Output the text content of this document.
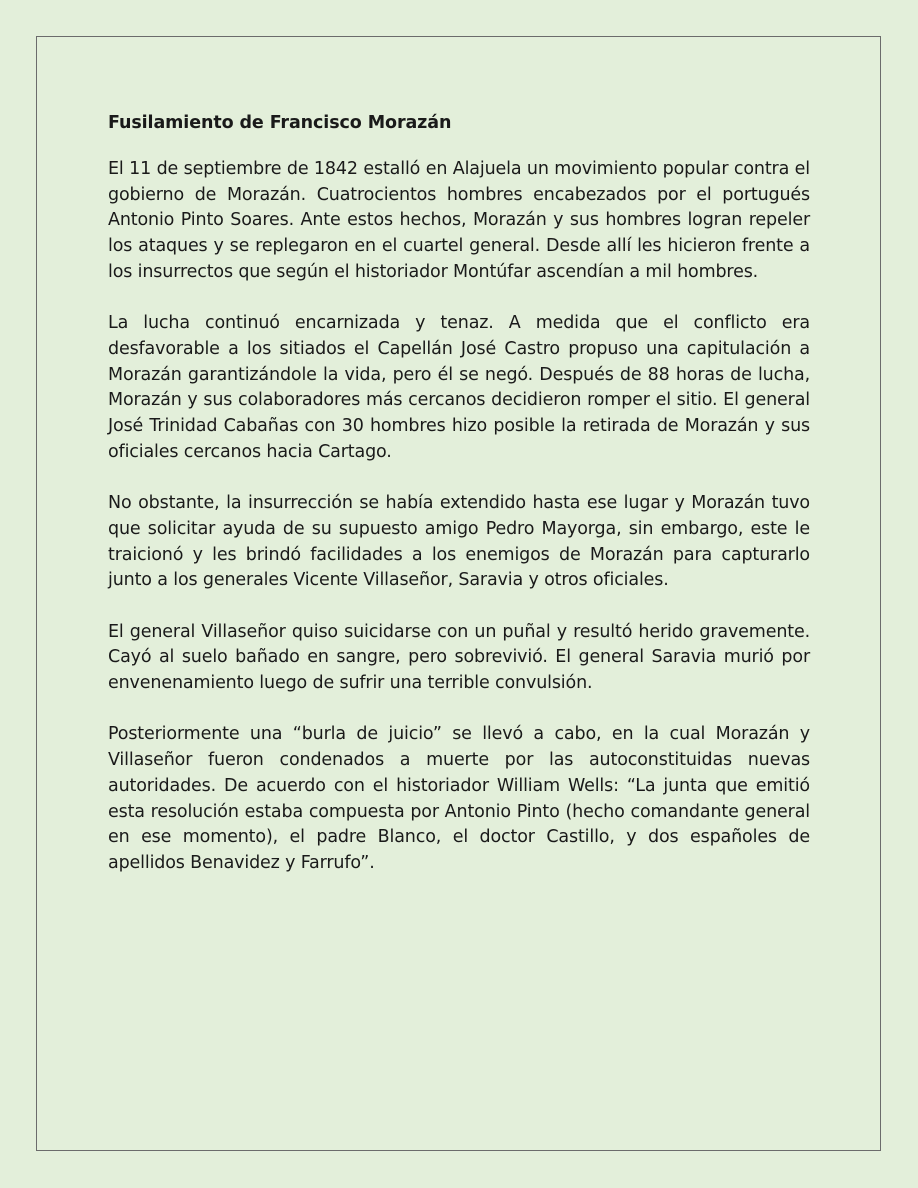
Fusilamiento de Francisco Morazán

El 11 de septiembre de 1842 estalló en Alajuela un movimiento popular contra el gobierno de Morazán. Cuatrocientos hombres encabezados por el portugués Antonio Pinto Soares. Ante estos hechos, Morazán y sus hombres logran repeler los ataques y se replegaron en el cuartel general. Desde allí les hicieron frente a los insurrectos que según el historiador Montúfar ascendían a mil hombres.

La lucha continuó encarnizada y tenaz. A medida que el conflicto era desfavorable a los sitiados el Capellán José Castro propuso una capitulación a Morazán garantizándole la vida, pero él se negó. Después de 88 horas de lucha, Morazán y sus colaboradores más cercanos decidieron romper el sitio. El general José Trinidad Cabañas con 30 hombres hizo posible la retirada de Morazán y sus oficiales cercanos hacia Cartago.

No obstante, la insurrección se había extendido hasta ese lugar y Morazán tuvo que solicitar ayuda de su supuesto amigo Pedro Mayorga, sin embargo, este le traicionó y les brindó facilidades a los enemigos de Morazán para capturarlo junto a los generales Vicente Villaseñor, Saravia y otros oficiales.

El general Villaseñor quiso suicidarse con un puñal y resultó herido gravemente. Cayó al suelo bañado en sangre, pero sobrevivió. El general Saravia murió por envenenamiento luego de sufrir una terrible convulsión.

Posteriormente una “burla de juicio” se llevó a cabo, en la cual Morazán y Villaseñor fueron condenados a muerte por las autoconstituidas nuevas autoridades. De acuerdo con el historiador William Wells: “La junta que emitió esta resolución estaba compuesta por Antonio Pinto (hecho comandante general en ese momento), el padre Blanco, el doctor Castillo, y dos españoles de apellidos Benavidez y Farrufo”.
